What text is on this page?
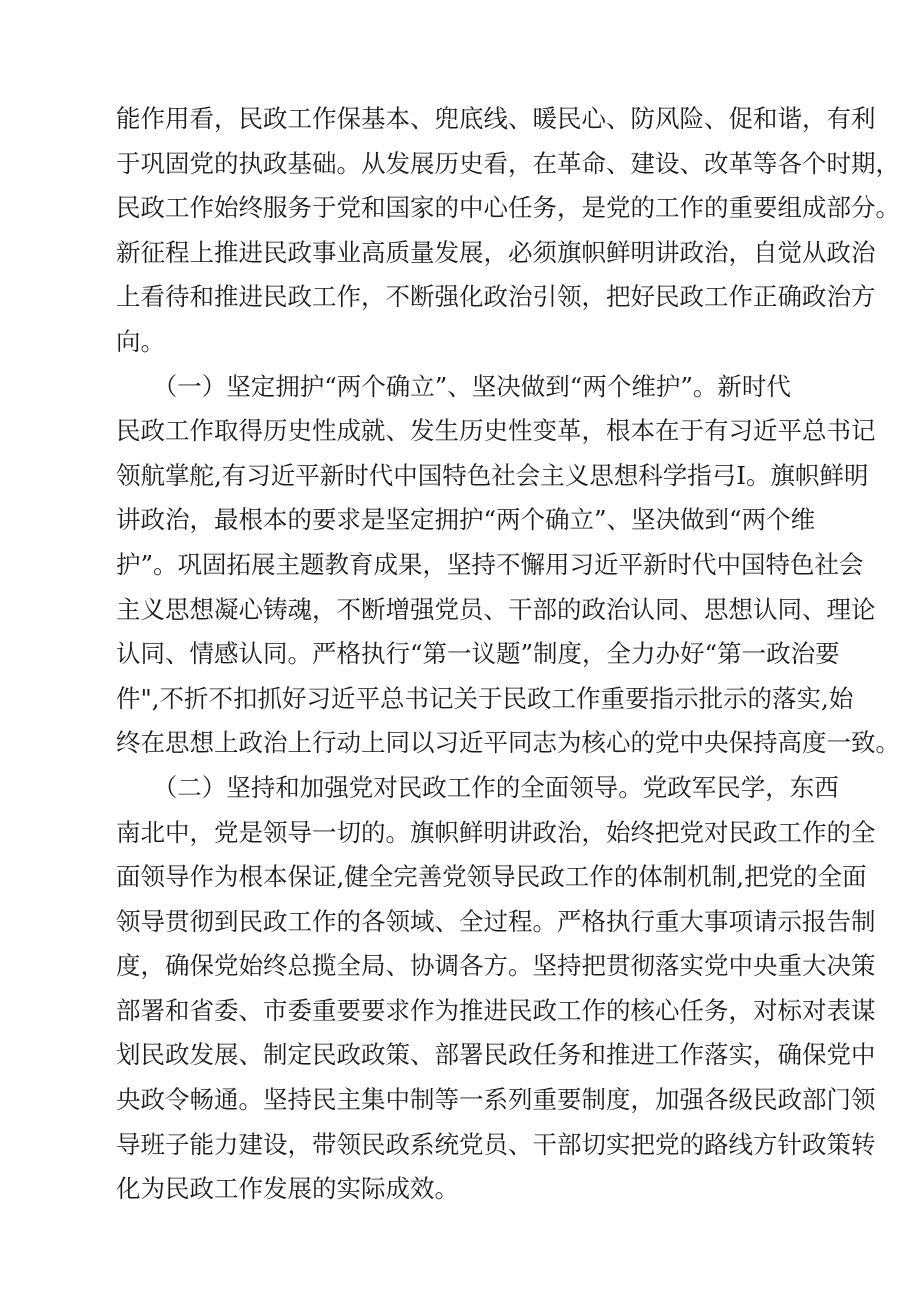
能作用看，民政工作保基本、兜底线、暖民心、防风险、促和谐，有利
于巩固党的执政基础。从发展历史看，在革命、建设、改革等各个时期，
民政工作始终服务于党和国家的中心任务，是党的工作的重要组成部分。
新征程上推进民政事业高质量发展，必须旗帜鲜明讲政治，自觉从政治
上看待和推进民政工作，不断强化政治引领，把好民政工作正确政治方
向。
　　（一）坚定拥护“两个确立”、坚决做到“两个维护”。新时代
民政工作取得历史性成就、发生历史性变革，根本在于有习近平总书记
领航掌舵,有习近平新时代中国特色社会主义思想科学指弓I。旗帜鲜明
讲政治，最根本的要求是坚定拥护“两个确立”、坚决做到“两个维
护”。巩固拓展主题教育成果，坚持不懈用习近平新时代中国特色社会
主义思想凝心铸魂，不断增强党员、干部的政治认同、思想认同、理论
认同、情感认同。严格执行“第一议题”制度，全力办好“第一政治要
件",不折不扣抓好习近平总书记关于民政工作重要指示批示的落实,始
终在思想上政治上行动上同以习近平同志为核心的党中央保持高度一致。
　　（二）坚持和加强党对民政工作的全面领导。党政军民学，东西
南北中，党是领导一切的。旗帜鲜明讲政治，始终把党对民政工作的全
面领导作为根本保证,健全完善党领导民政工作的体制机制,把党的全面
领导贯彻到民政工作的各领域、全过程。严格执行重大事项请示报告制
度，确保党始终总揽全局、协调各方。坚持把贯彻落实党中央重大决策
部署和省委、市委重要要求作为推进民政工作的核心任务，对标对表谋
划民政发展、制定民政政策、部署民政任务和推进工作落实，确保党中
央政令畅通。坚持民主集中制等一系列重要制度，加强各级民政部门领
导班子能力建设，带领民政系统党员、干部切实把党的路线方针政策转
化为民政工作发展的实际成效。
